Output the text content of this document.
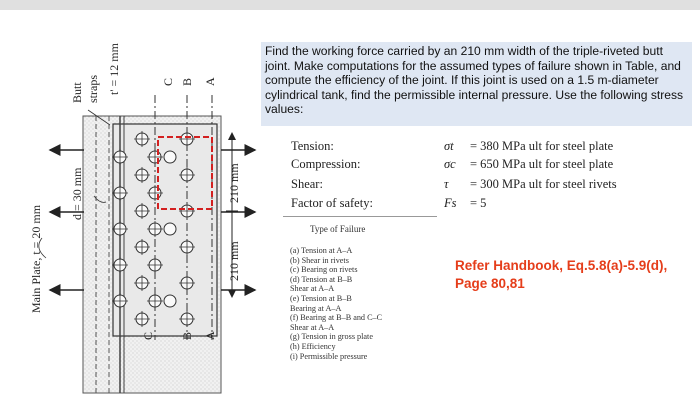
Main Plate, t = 20 mm
Butt straps t' = 12 mm
d = 30 mm	210 mm
210 mm
C B A
C B A
Find the working force carried by an 210 mm width of the triple-riveted butt joint. Make computations for the assumed types of failure shown in Table, and compute the efficiency of the joint. If this joint is used on a 1.5 m-diameter cylindrical tank, find the permissible internal pressure. Use the following stress values:
Tension:	σt = 380 MPa ult for steel plate
Compression:	σc = 650 MPa ult for steel plate
Shear:	τ = 300 MPa ult for steel rivets
Factor of safety:	Fs = 5
Type of Failure
(a) Tension at A–A
(b) Shear in rivets
(c) Bearing on rivets
(d) Tension at B–B
Shear at A–A
(e) Tension at B–B
Bearing at A–A
(f) Bearing at B–B and C–C
Shear at A–A
(g) Tension in gross plate
(h) Efficiency
(i) Permissible pressure
Refer Handbook, Eq.5.8(a)-5.9(d), Page 80,81
